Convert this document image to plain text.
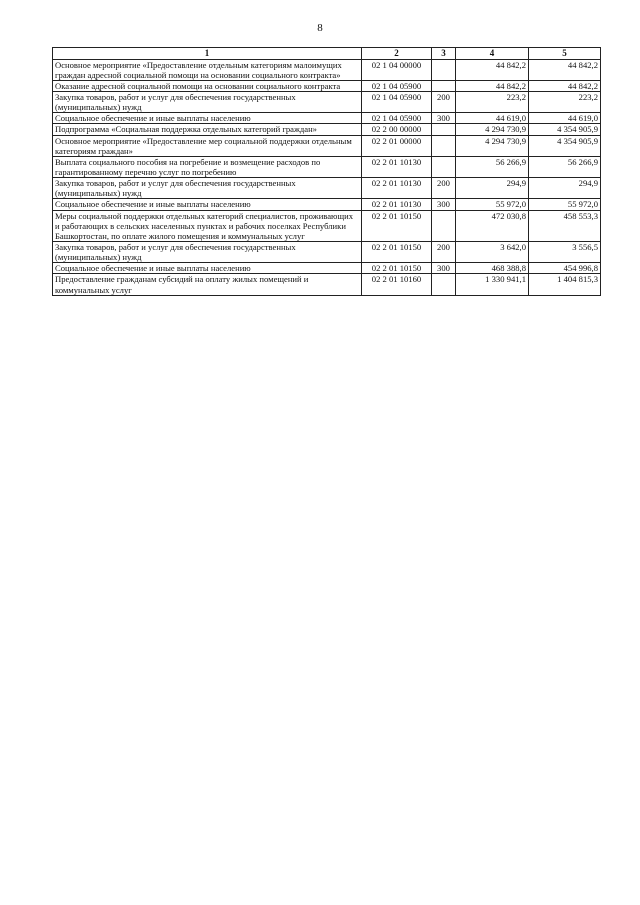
8
1	2	3	4	5
Основное мероприятие «Предоставление отдельным категориям малоимущих граждан адресной социальной помощи на основании социального контракта»	02 1 04 00000		44 842,2	44 842,2
Оказание адресной социальной помощи на основании социального контракта	02 1 04 05900		44 842,2	44 842,2
Закупка товаров, работ и услуг для обеспечения государственных (муниципальных) нужд	02 1 04 05900	200	223,2	223,2
Социальное обеспечение и иные выплаты населению	02 1 04 05900	300	44 619,0	44 619,0
Подпрограмма «Социальная поддержка отдельных категорий граждан»	02 2 00 00000		4 294 730,9	4 354 905,9
Основное мероприятие «Предоставление мер социальной поддержки отдельным категориям граждан»	02 2 01 00000		4 294 730,9	4 354 905,9
Выплата социального пособия на погребение и возмещение расходов по гарантированному перечню услуг по погребению	02 2 01 10130		56 266,9	56 266,9
Закупка товаров, работ и услуг для обеспечения государственных (муниципальных) нужд	02 2 01 10130	200	294,9	294,9
Социальное обеспечение и иные выплаты населению	02 2 01 10130	300	55 972,0	55 972,0
Меры социальной поддержки отдельных категорий специалистов, проживающих и работающих в сельских населенных пунктах и рабочих поселках Республики Башкортостан, по оплате жилого помещения и коммунальных услуг	02 2 01 10150		472 030,8	458 553,3
Закупка товаров, работ и услуг для обеспечения государственных (муниципальных) нужд	02 2 01 10150	200	3 642,0	3 556,5
Социальное обеспечение и иные выплаты населению	02 2 01 10150	300	468 388,8	454 996,8
Предоставление гражданам субсидий на оплату жилых помещений и коммунальных услуг	02 2 01 10160		1 330 941,1	1 404 815,3
